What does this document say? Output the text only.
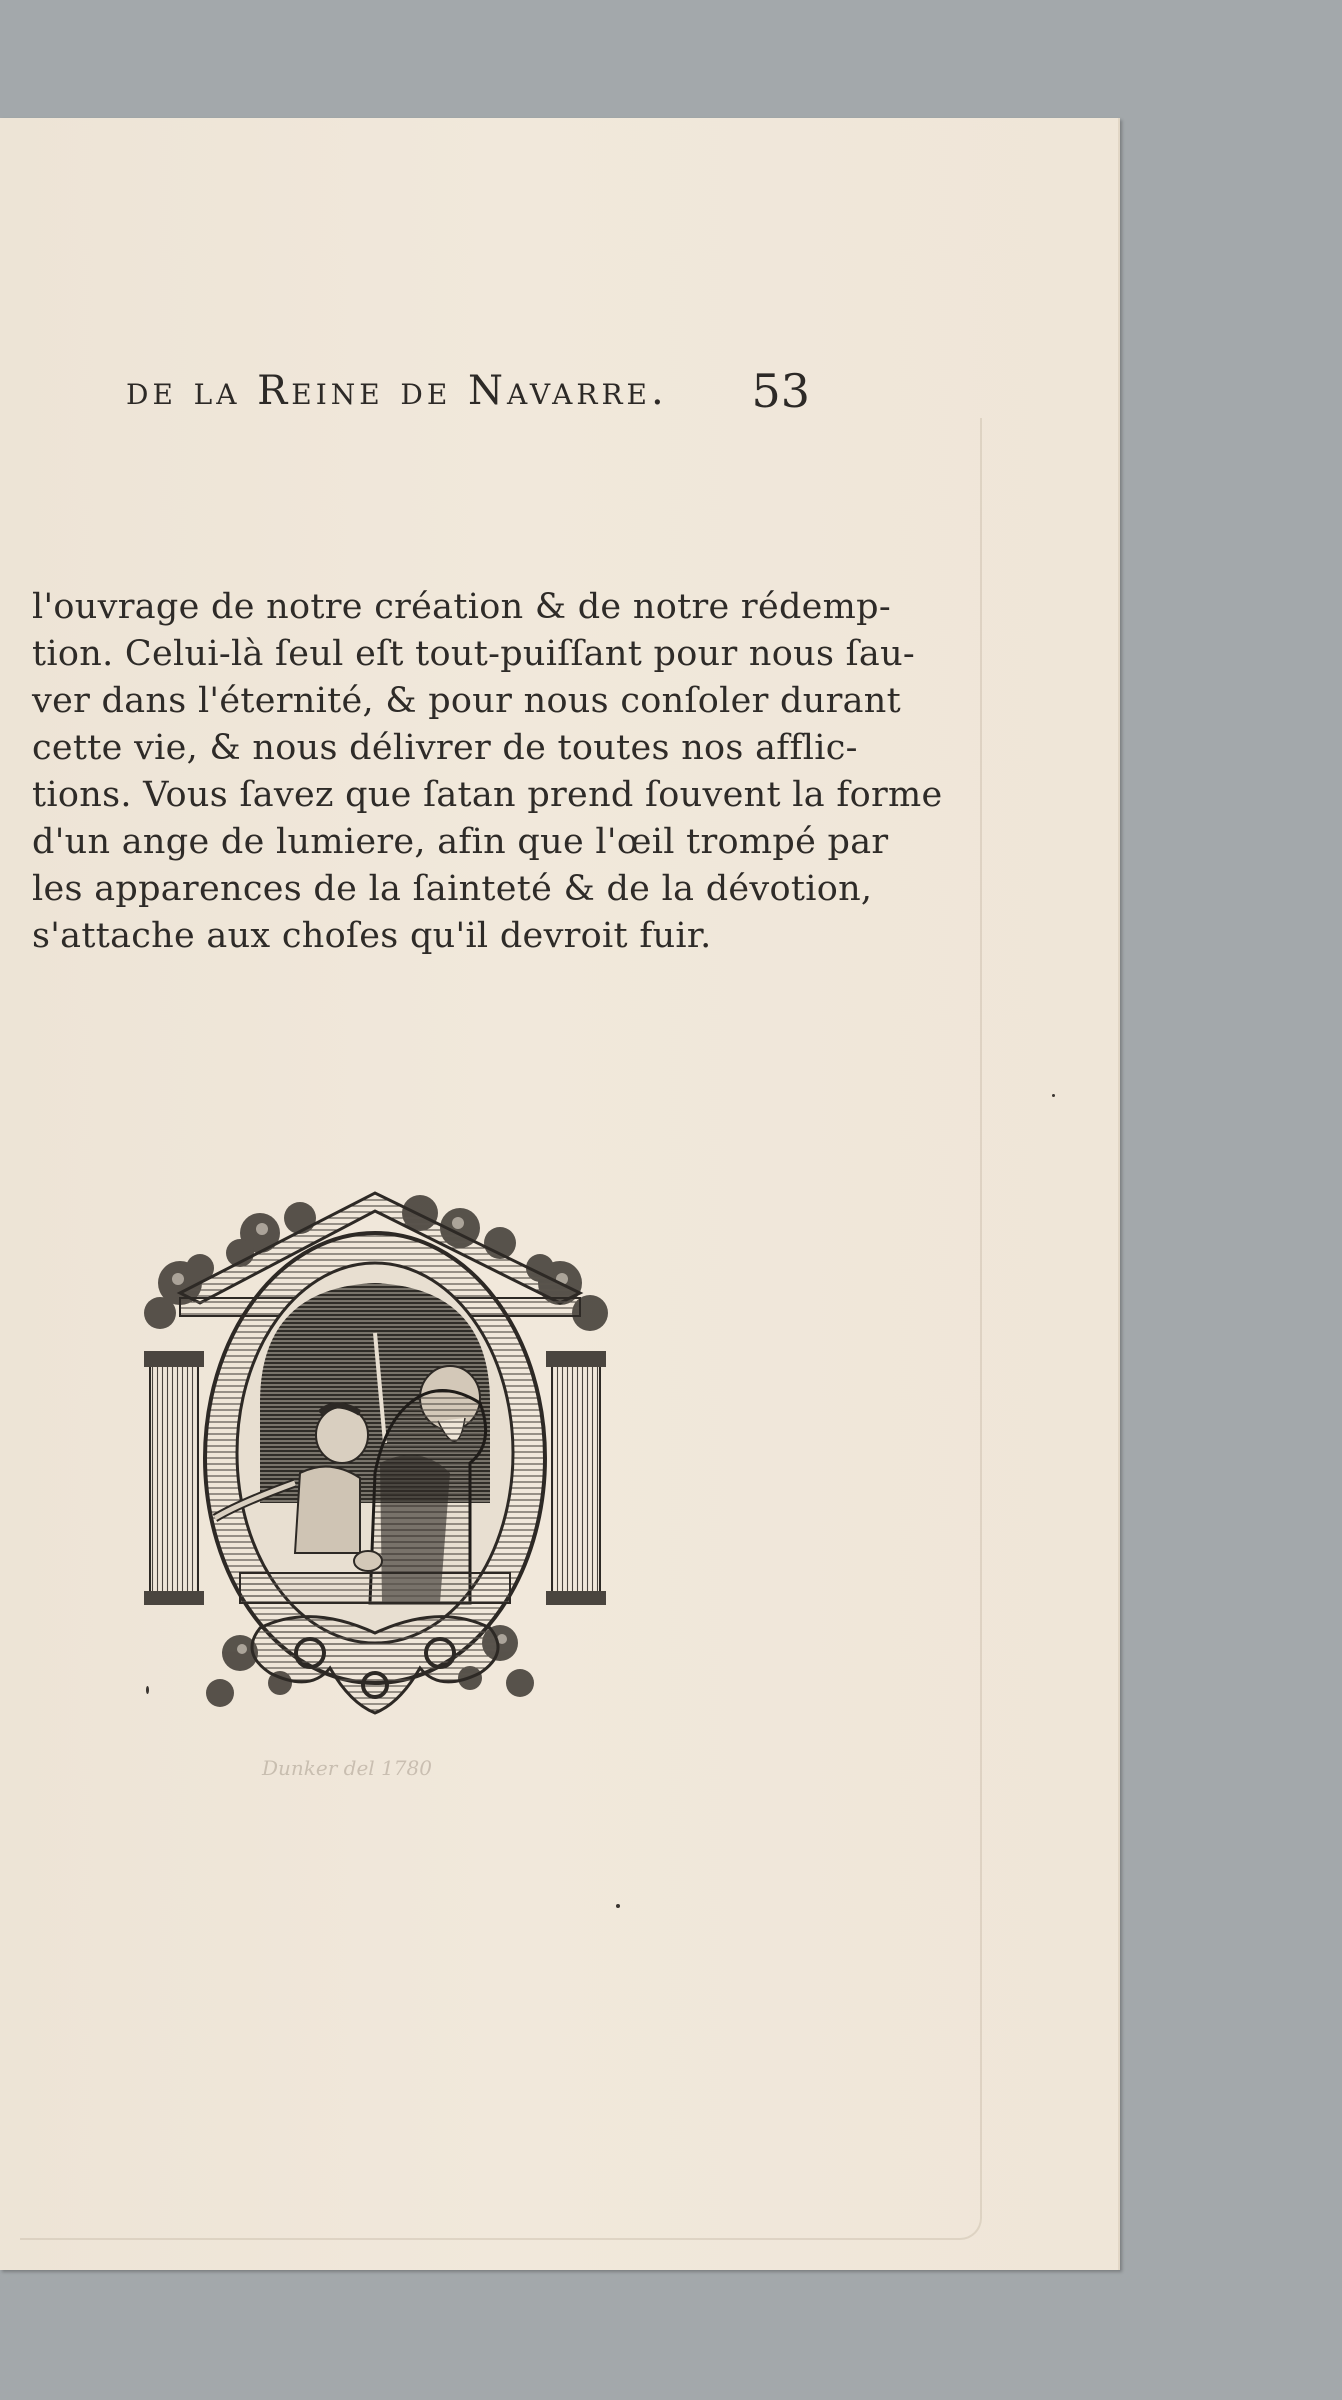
de la Reine de Navarre. 53
l'ouvrage de notre création & de notre rédemp-
tion. Celui-là ſeul eſt tout-puiſſant pour nous ſau-
ver dans l'éternité, & pour nous conſoler durant
cette vie, & nous délivrer de toutes nos afflic-
tions. Vous ſavez que ſatan prend ſouvent la forme
d'un ange de lumiere, afin que l'œil trompé par
les apparences de la ſainteté & de la dévotion,
s'attache aux choſes qu'il devroit fuir.
Dunker del 1780
